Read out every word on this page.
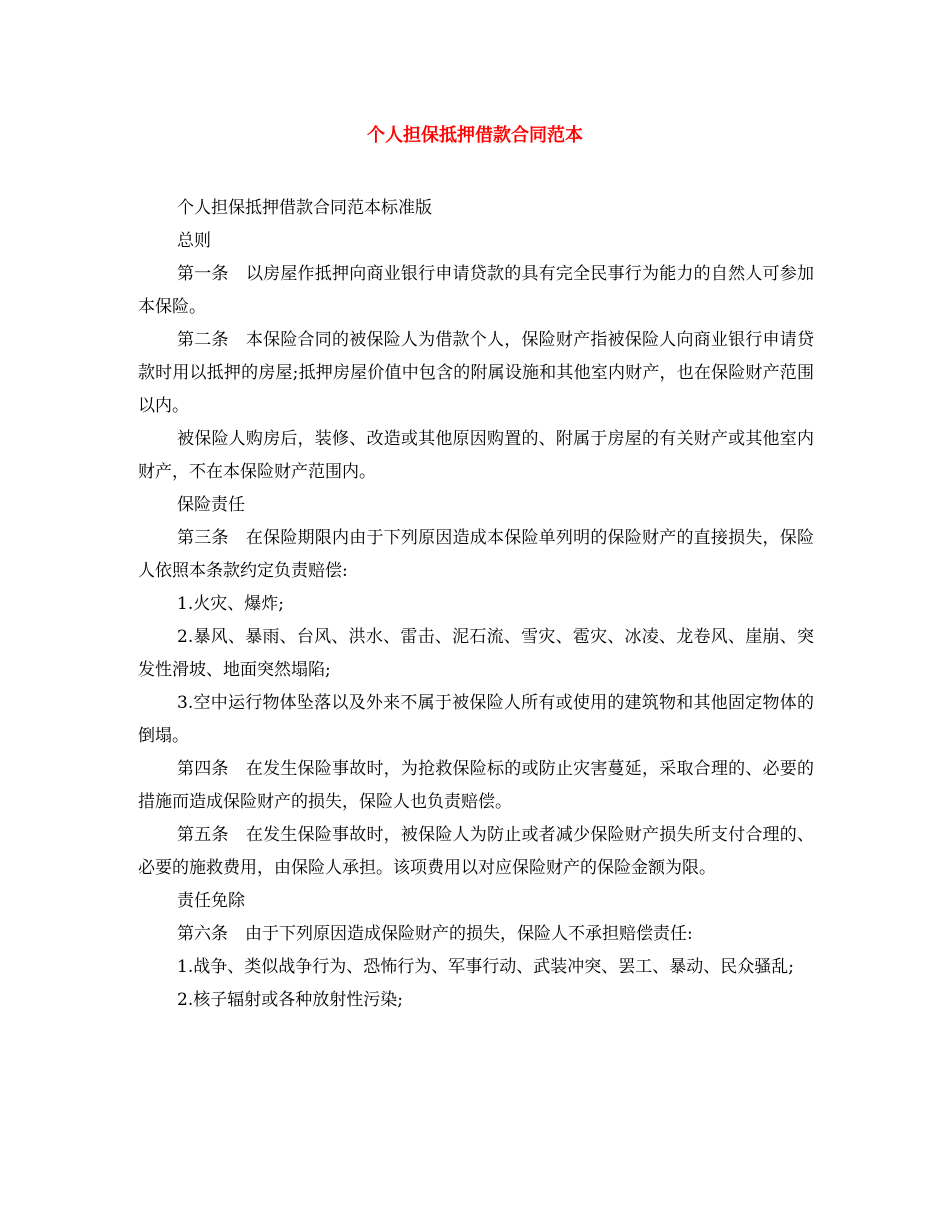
个人担保抵押借款合同范本

个人担保抵押借款合同范本标准版

总则

第一条　以房屋作抵押向商业银行申请贷款的具有完全民事行为能力的自然人可参加本保险。

第二条　本保险合同的被保险人为借款个人，保险财产指被保险人向商业银行申请贷款时用以抵押的房屋;抵押房屋价值中包含的附属设施和其他室内财产，也在保险财产范围以内。

被保险人购房后，装修、改造或其他原因购置的、附属于房屋的有关财产或其他室内财产，不在本保险财产范围内。

保险责任

第三条　在保险期限内由于下列原因造成本保险单列明的保险财产的直接损失，保险人依照本条款约定负责赔偿:

1.火灾、爆炸;

2.暴风、暴雨、台风、洪水、雷击、泥石流、雪灾、雹灾、冰凌、龙卷风、崖崩、突发性滑坡、地面突然塌陷;

3.空中运行物体坠落以及外来不属于被保险人所有或使用的建筑物和其他固定物体的倒塌。

第四条　在发生保险事故时，为抢救保险标的或防止灾害蔓延，采取合理的、必要的措施而造成保险财产的损失，保险人也负责赔偿。

第五条　在发生保险事故时，被保险人为防止或者减少保险财产损失所支付合理的、必要的施救费用，由保险人承担。该项费用以对应保险财产的保险金额为限。

责任免除

第六条　由于下列原因造成保险财产的损失，保险人不承担赔偿责任:

1.战争、类似战争行为、恐怖行为、军事行动、武装冲突、罢工、暴动、民众骚乱;

2.核子辐射或各种放射性污染;
